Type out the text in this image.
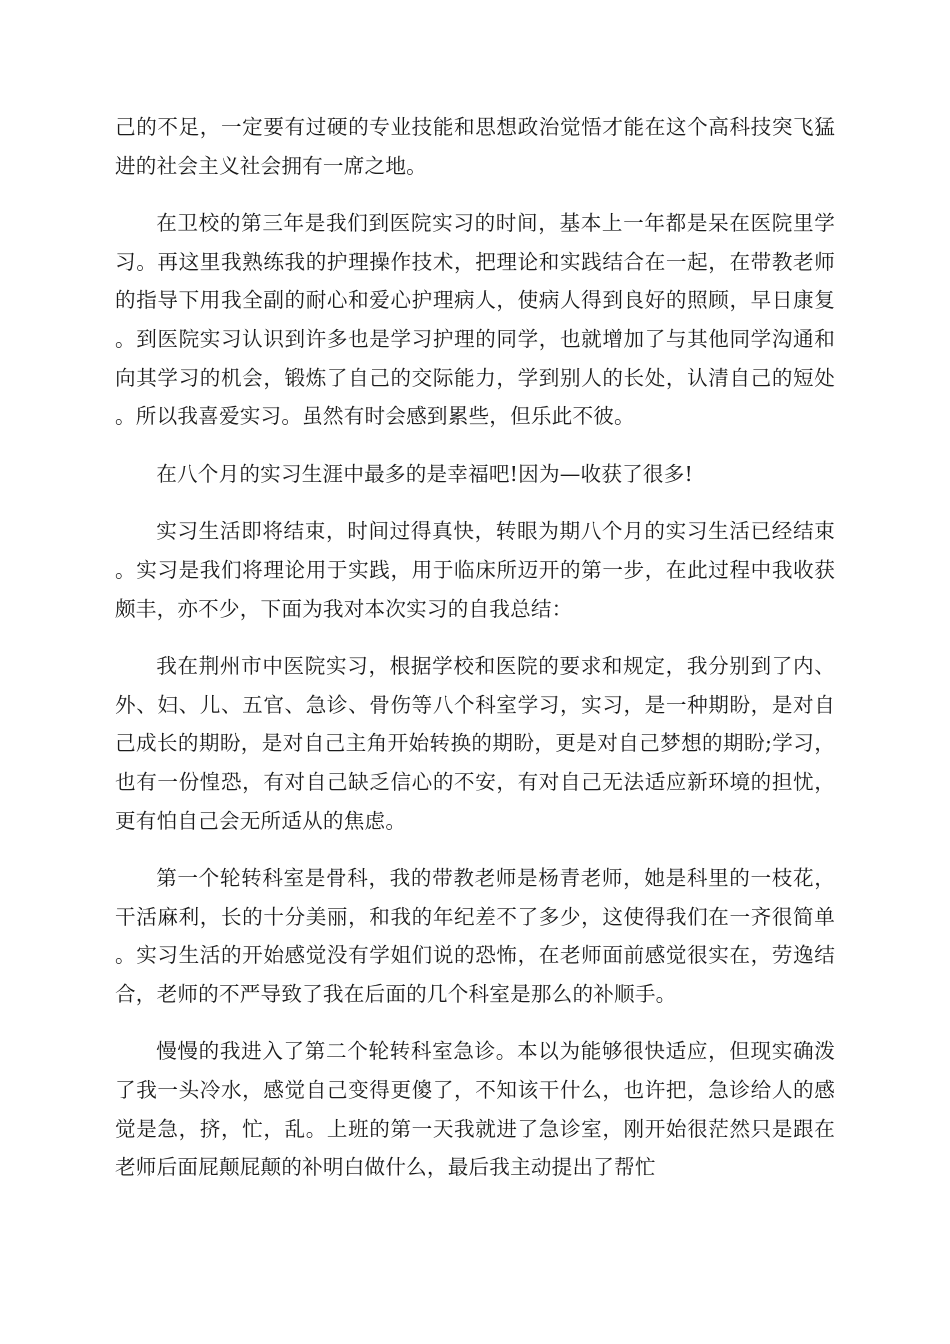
己的不足，一定要有过硬的专业技能和思想政治觉悟才能在这个高科技突飞猛进的社会主义社会拥有一席之地。

在卫校的第三年是我们到医院实习的时间，基本上一年都是呆在医院里学习。再这里我熟练我的护理操作技术，把理论和实践结合在一起，在带教老师的指导下用我全副的耐心和爱心护理病人，使病人得到良好的照顾，早日康复。到医院实习认识到许多也是学习护理的同学，也就增加了与其他同学沟通和向其学习的机会，锻炼了自己的交际能力，学到别人的长处，认清自己的短处。所以我喜爱实习。虽然有时会感到累些，但乐此不彼。

在八个月的实习生涯中最多的是幸福吧!因为—收获了很多!

实习生活即将结束，时间过得真快，转眼为期八个月的实习生活已经结束。实习是我们将理论用于实践，用于临床所迈开的第一步，在此过程中我收获颇丰，亦不少，下面为我对本次实习的自我总结：

我在荆州市中医院实习，根据学校和医院的要求和规定，我分别到了内、外、妇、儿、五官、急诊、骨伤等八个科室学习，实习，是一种期盼，是对自己成长的期盼，是对自己主角开始转换的期盼，更是对自己梦想的期盼;学习，也有一份惶恐，有对自己缺乏信心的不安，有对自己无法适应新环境的担忧，更有怕自己会无所适从的焦虑。

第一个轮转科室是骨科，我的带教老师是杨青老师，她是科里的一枝花，干活麻利，长的十分美丽，和我的年纪差不了多少，这使得我们在一齐很简单。实习生活的开始感觉没有学姐们说的恐怖，在老师面前感觉很实在，劳逸结合，老师的不严导致了我在后面的几个科室是那么的补顺手。

慢慢的我进入了第二个轮转科室急诊。本以为能够很快适应，但现实确泼了我一头冷水，感觉自己变得更傻了，不知该干什么，也许把，急诊给人的感觉是急，挤，忙，乱。上班的第一天我就进了急诊室，刚开始很茫然只是跟在老师后面屁颠屁颠的补明白做什么，最后我主动提出了帮忙
